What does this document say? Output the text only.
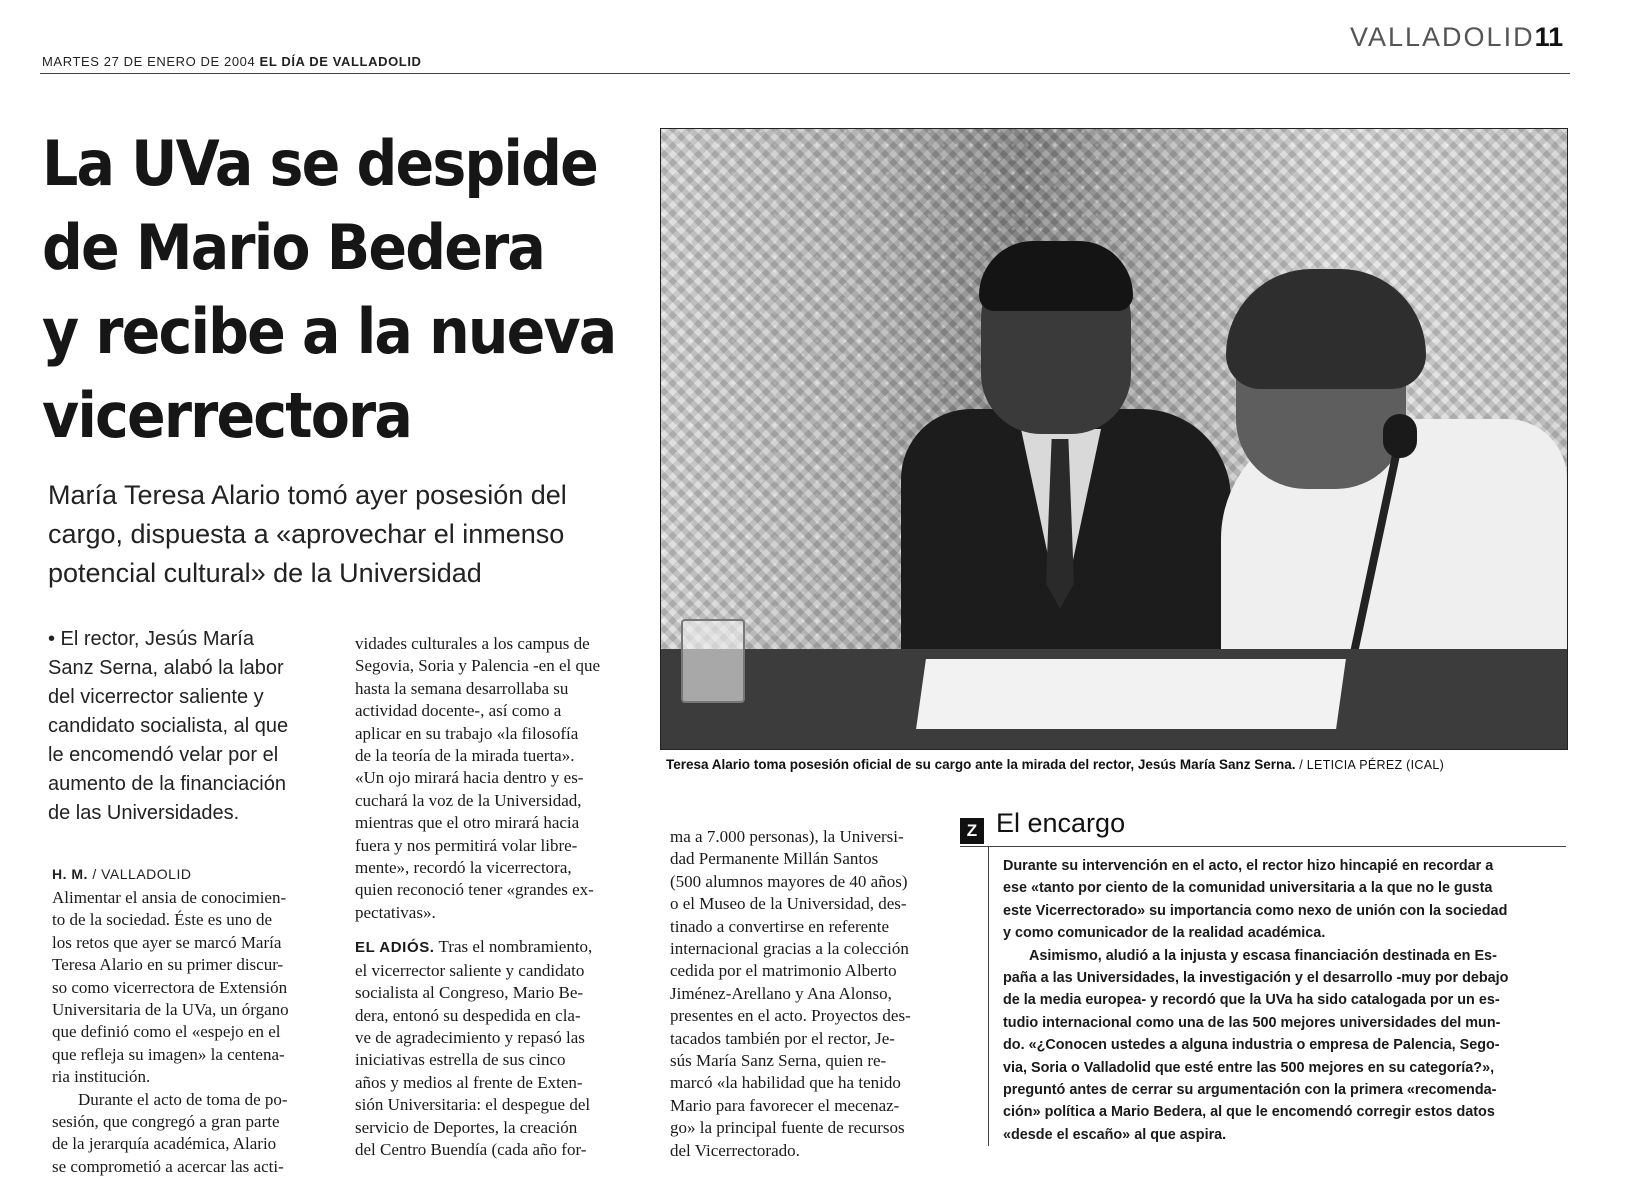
MARTES 27 DE ENERO DE 2004 EL DÍA DE VALLADOLID
VALLADOLID11
La UVa se despide
de Mario Bedera
y recibe a la nueva
vicerrectora
María Teresa Alario tomó ayer posesión del
cargo, dispuesta a «aprovechar el inmenso
potencial cultural» de la Universidad
• El rector, Jesús María
Sanz Serna, alabó la labor
del vicerrector saliente y
candidato socialista, al que
le encomendó velar por el
aumento de la financiación
de las Universidades.
H. M. / VALLADOLID
Alimentar el ansia de conocimien-
to de la sociedad. Éste es uno de
los retos que ayer se marcó María
Teresa Alario en su primer discur-
so como vicerrectora de Extensión
Universitaria de la UVa, un órgano
que definió como el «espejo en el
que refleja su imagen» la centena-
ria institución.
Durante el acto de toma de po-
sesión, que congregó a gran parte
de la jerarquía académica, Alario
se comprometió a acercar las acti-
vidades culturales a los campus de
Segovia, Soria y Palencia -en el que
hasta la semana desarrollaba su
actividad docente-, así como a
aplicar en su trabajo «la filosofía
de la teoría de la mirada tuerta».
«Un ojo mirará hacia dentro y es-
cuchará la voz de la Universidad,
mientras que el otro mirará hacia
fuera y nos permitirá volar libre-
mente», recordó la vicerrectora,
quien reconoció tener «grandes ex-
pectativas».
EL ADIÓS. Tras el nombramiento,
el vicerrector saliente y candidato
socialista al Congreso, Mario Be-
dera, entonó su despedida en cla-
ve de agradecimiento y repasó las
iniciativas estrella de sus cinco
años y medios al frente de Exten-
sión Universitaria: el despegue del
servicio de Deportes, la creación
del Centro Buendía (cada año for-
ma a 7.000 personas), la Universi-
dad Permanente Millán Santos
(500 alumnos mayores de 40 años)
o el Museo de la Universidad, des-
tinado a convertirse en referente
internacional gracias a la colección
cedida por el matrimonio Alberto
Jiménez-Arellano y Ana Alonso,
presentes en el acto. Proyectos des-
tacados también por el rector, Je-
sús María Sanz Serna, quien re-
marcó «la habilidad que ha tenido
Mario para favorecer el mecenaz-
go» la principal fuente de recursos
del Vicerrectorado.
Teresa Alario toma posesión oficial de su cargo ante la mirada del rector, Jesús María Sanz Serna. / LETICIA PÉREZ (ICAL)
Z El encargo
Durante su intervención en el acto, el rector hizo hincapié en recordar a
ese «tanto por ciento de la comunidad universitaria a la que no le gusta
este Vicerrectorado» su importancia como nexo de unión con la sociedad
y como comunicador de la realidad académica.
Asimismo, aludió a la injusta y escasa financiación destinada en Es-
paña a las Universidades, la investigación y el desarrollo -muy por debajo
de la media europea- y recordó que la UVa ha sido catalogada por un es-
tudio internacional como una de las 500 mejores universidades del mun-
do. «¿Conocen ustedes a alguna industria o empresa de Palencia, Sego-
via, Soria o Valladolid que esté entre las 500 mejores en su categoría?»,
preguntó antes de cerrar su argumentación con la primera «recomenda-
ción» política a Mario Bedera, al que le encomendó corregir estos datos
«desde el escaño» al que aspira.
